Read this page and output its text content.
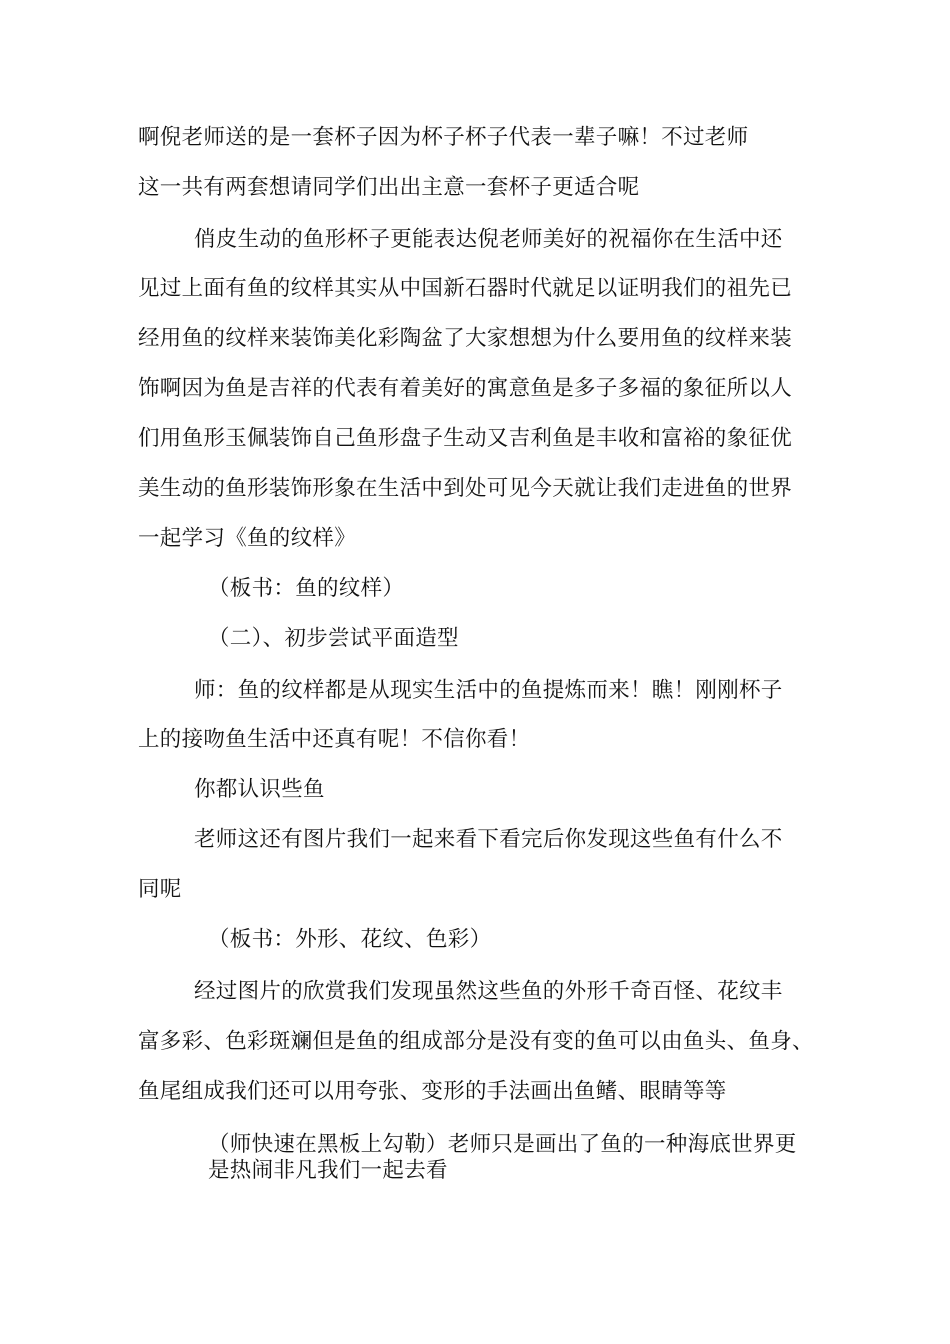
啊倪老师送的是一套杯子因为杯子杯子代表一辈子嘛！不过老师
这一共有两套想请同学们出出主意一套杯子更适合呢
俏皮生动的鱼形杯子更能表达倪老师美好的祝福你在生活中还
见过上面有鱼的纹样其实从中国新石器时代就足以证明我们的祖先已
经用鱼的纹样来装饰美化彩陶盆了大家想想为什么要用鱼的纹样来装
饰啊因为鱼是吉祥的代表有着美好的寓意鱼是多子多福的象征所以人
们用鱼形玉佩装饰自己鱼形盘子生动又吉利鱼是丰收和富裕的象征优
美生动的鱼形装饰形象在生活中到处可见今天就让我们走进鱼的世界
一起学习《鱼的纹样》
（板书：鱼的纹样）
（二）、初步尝试平面造型
师：鱼的纹样都是从现实生活中的鱼提炼而来！瞧！刚刚杯子
上的接吻鱼生活中还真有呢！不信你看！
你都认识些鱼
老师这还有图片我们一起来看下看完后你发现这些鱼有什么不
同呢
（板书：外形、花纹、色彩）
经过图片的欣赏我们发现虽然这些鱼的外形千奇百怪、花纹丰
富多彩、色彩斑斓但是鱼的组成部分是没有变的鱼可以由鱼头、鱼身、
鱼尾组成我们还可以用夸张、变形的手法画出鱼鳍、眼睛等等
（师快速在黑板上勾勒）老师只是画出了鱼的一种海底世界更
是热闹非凡我们一起去看
